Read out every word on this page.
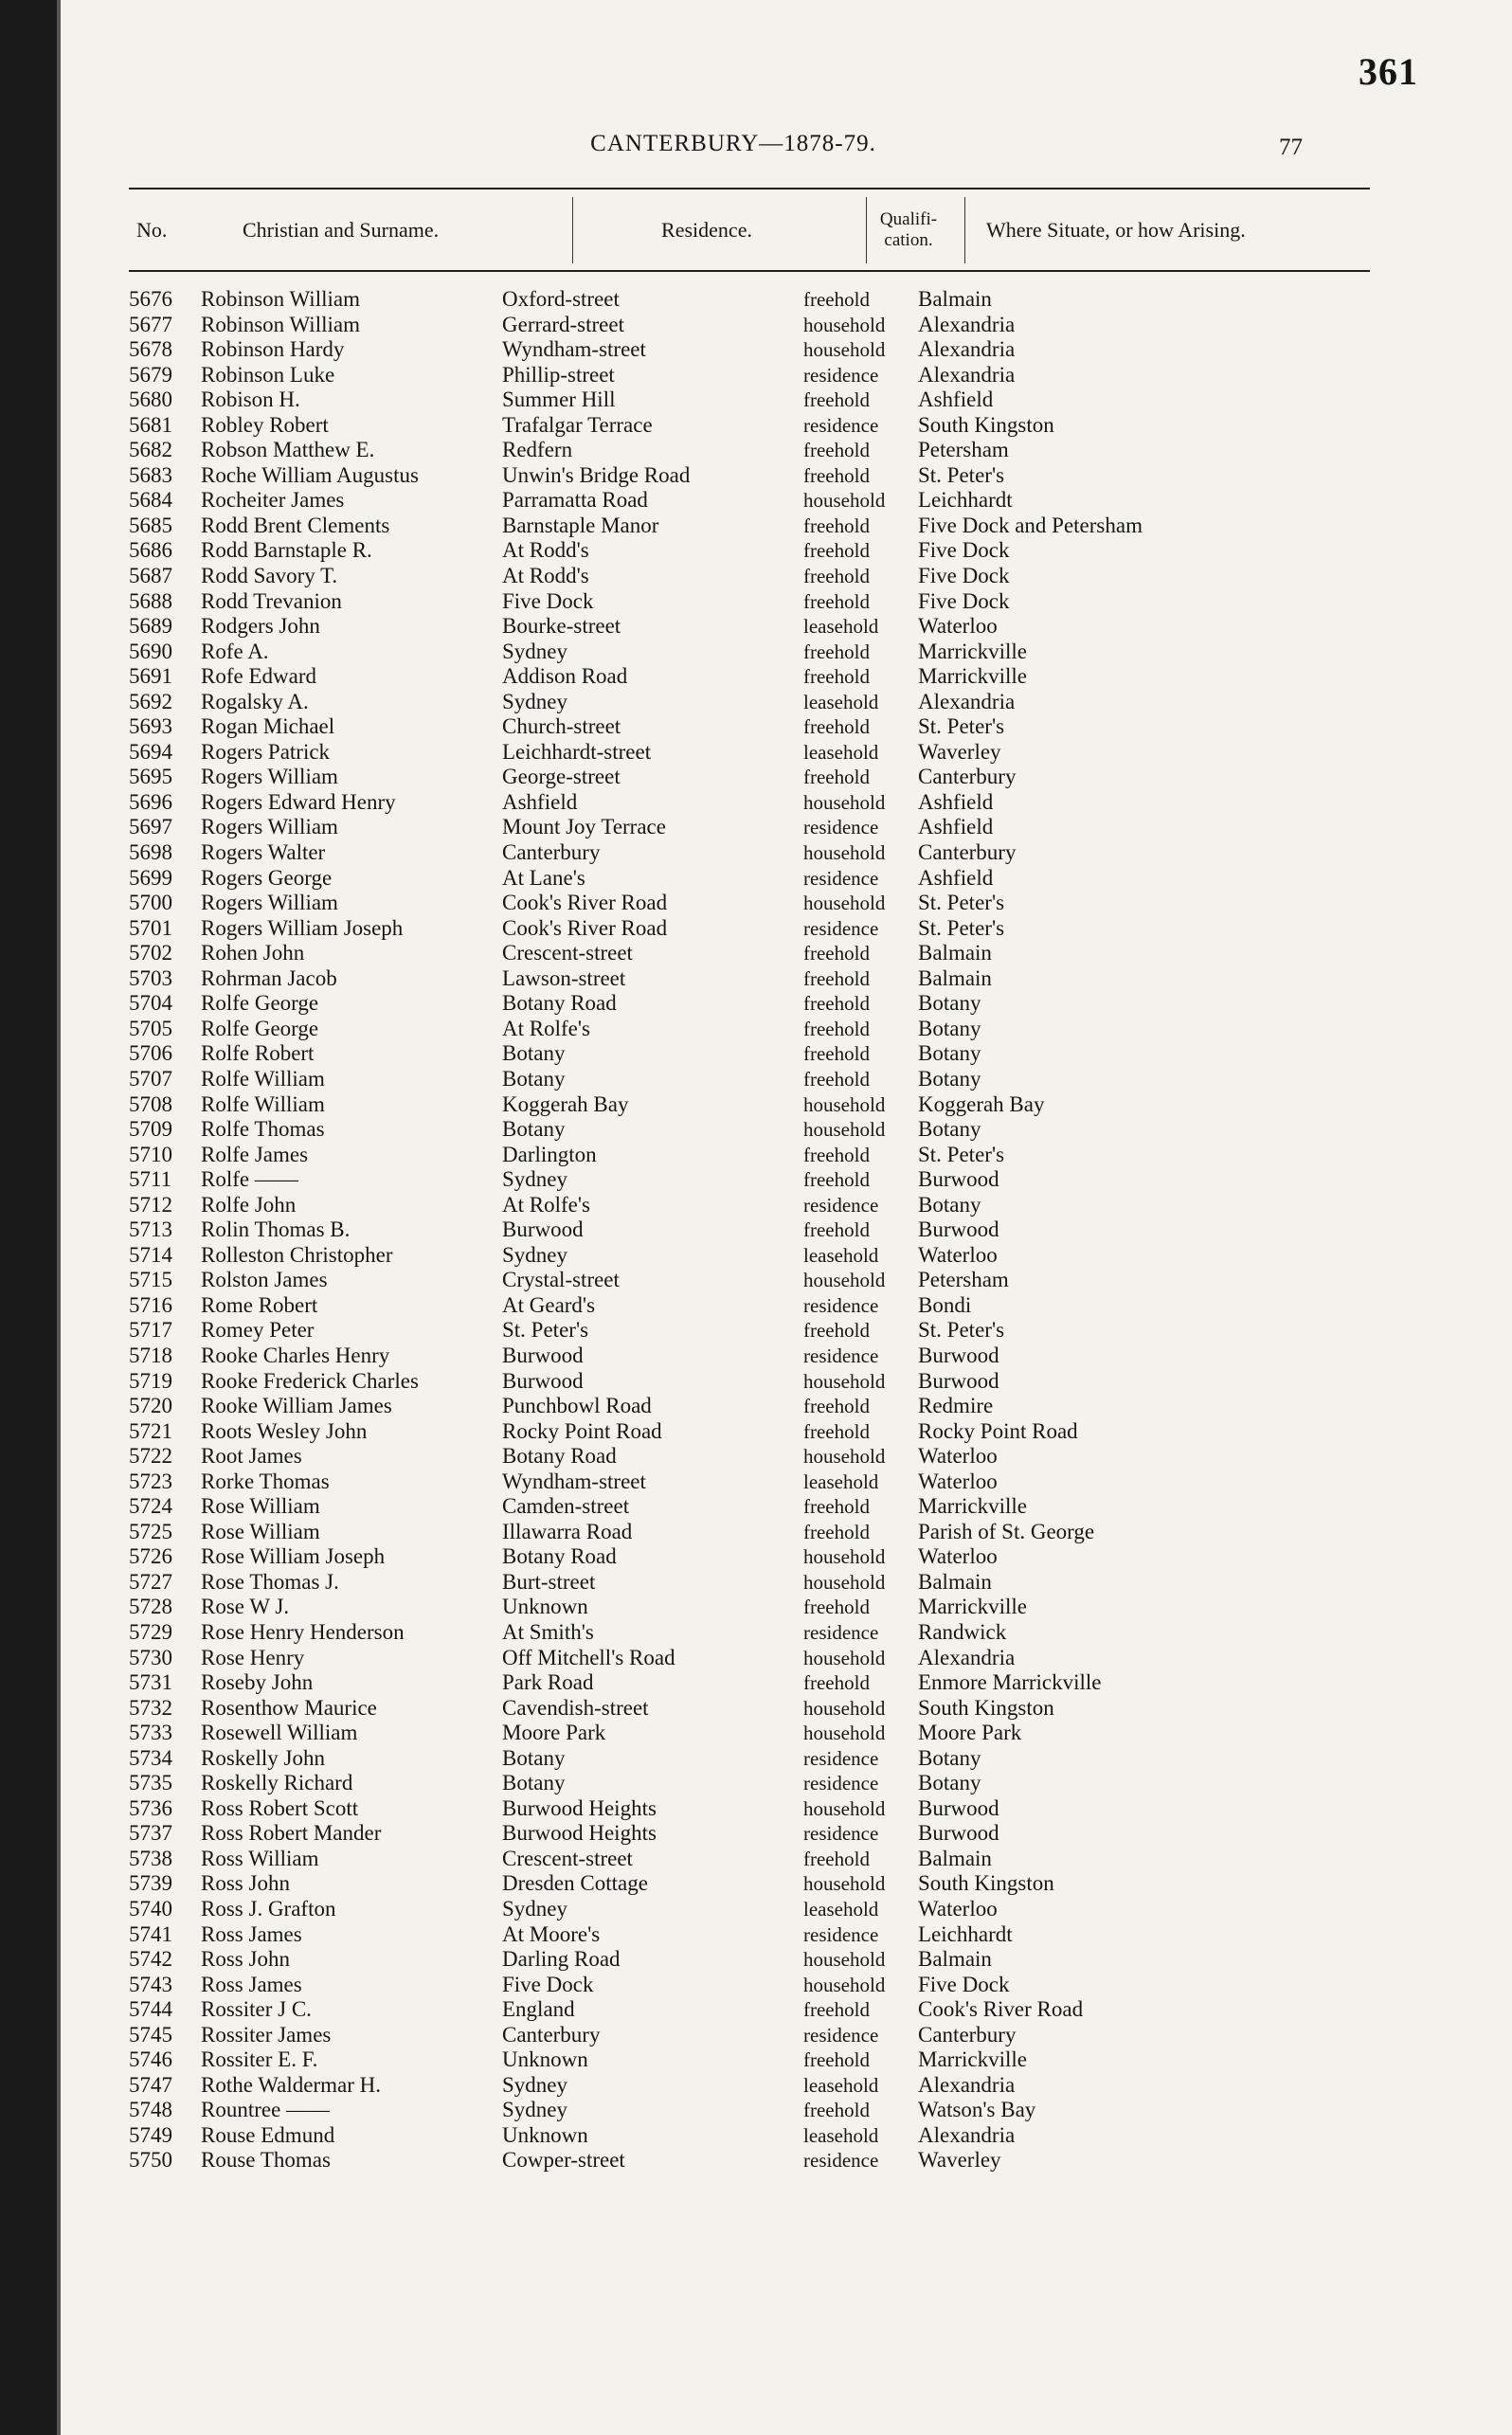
361
CANTERBURY—1878-79.	77
No.	Christian and Surname.	Residence.	Qualifi-
cation.	Where Situate, or how Arising.
5676 Robinson William	Oxford-street	freehold Balmain
5677 Robinson William	Gerrard-street	household Alexandria
5678 Robinson Hardy	Wyndham-street	household Alexandria
5679 Robinson Luke	Phillip-street	residence Alexandria
5680 Robison H.	Summer Hill	freehold Ashfield
5681 Robley Robert	Trafalgar Terrace	residence South Kingston
5682 Robson Matthew E.	Redfern	freehold Petersham
5683 Roche William Augustus	Unwin's Bridge Road	freehold St. Peter's
5684 Rocheiter James	Parramatta Road	household Leichhardt
5685 Rodd Brent Clements	Barnstaple Manor	freehold Five Dock and Petersham
5686 Rodd Barnstaple R.	At Rodd's	freehold Five Dock
5687 Rodd Savory T.	At Rodd's	freehold Five Dock
5688 Rodd Trevanion	Five Dock	freehold Five Dock
5689 Rodgers John	Bourke-street	leasehold Waterloo
5690 Rofe A.	Sydney	freehold Marrickville
5691 Rofe Edward	Addison Road	freehold Marrickville
5692 Rogalsky A.	Sydney	leasehold Alexandria
5693 Rogan Michael	Church-street	freehold St. Peter's
5694 Rogers Patrick	Leichhardt-street	leasehold Waverley
5695 Rogers William	George-street	freehold Canterbury
5696 Rogers Edward Henry	Ashfield	household Ashfield
5697 Rogers William	Mount Joy Terrace	residence Ashfield
5698 Rogers Walter	Canterbury	household Canterbury
5699 Rogers George	At Lane's	residence Ashfield
5700 Rogers William	Cook's River Road	household St. Peter's
5701 Rogers William Joseph	Cook's River Road	residence St. Peter's
5702 Rohen John	Crescent-street	freehold Balmain
5703 Rohrman Jacob	Lawson-street	freehold Balmain
5704 Rolfe George	Botany Road	freehold Botany
5705 Rolfe George	At Rolfe's	freehold Botany
5706 Rolfe Robert	Botany	freehold Botany
5707 Rolfe William	Botany	freehold Botany
5708 Rolfe William	Koggerah Bay	household Koggerah Bay
5709 Rolfe Thomas	Botany	household Botany
5710 Rolfe James	Darlington	freehold St. Peter's
5711 Rolfe ——	Sydney	freehold Burwood
5712 Rolfe John	At Rolfe's	residence Botany
5713 Rolin Thomas B.	Burwood	freehold Burwood
5714 Rolleston Christopher	Sydney	leasehold Waterloo
5715 Rolston James	Crystal-street	household Petersham
5716 Rome Robert	At Geard's	residence Bondi
5717 Romey Peter	St. Peter's	freehold St. Peter's
5718 Rooke Charles Henry	Burwood	residence Burwood
5719 Rooke Frederick Charles	Burwood	household Burwood
5720 Rooke William James	Punchbowl Road	freehold Redmire
5721 Roots Wesley John	Rocky Point Road	freehold Rocky Point Road
5722 Root James	Botany Road	household Waterloo
5723 Rorke Thomas	Wyndham-street	leasehold Waterloo
5724 Rose William	Camden-street	freehold Marrickville
5725 Rose William	Illawarra Road	freehold Parish of St. George
5726 Rose William Joseph	Botany Road	household Waterloo
5727 Rose Thomas J.	Burt-street	household Balmain
5728 Rose W J.	Unknown	freehold Marrickville
5729 Rose Henry Henderson	At Smith's	residence Randwick
5730 Rose Henry	Off Mitchell's Road	household Alexandria
5731 Roseby John	Park Road	freehold Enmore Marrickville
5732 Rosenthow Maurice	Cavendish-street	household South Kingston
5733 Rosewell William	Moore Park	household Moore Park
5734 Roskelly John	Botany	residence Botany
5735 Roskelly Richard	Botany	residence Botany
5736 Ross Robert Scott	Burwood Heights	household Burwood
5737 Ross Robert Mander	Burwood Heights	residence Burwood
5738 Ross William	Crescent-street	freehold Balmain
5739 Ross John	Dresden Cottage	household South Kingston
5740 Ross J. Grafton	Sydney	leasehold Waterloo
5741 Ross James	At Moore's	residence Leichhardt
5742 Ross John	Darling Road	household Balmain
5743 Ross James	Five Dock	household Five Dock
5744 Rossiter J C.	England	freehold Cook's River Road
5745 Rossiter James	Canterbury	residence Canterbury
5746 Rossiter E. F.	Unknown	freehold Marrickville
5747 Rothe Waldermar H.	Sydney	leasehold Alexandria
5748 Rountree ——	Sydney	freehold Watson's Bay
5749 Rouse Edmund	Unknown	leasehold Alexandria
5750 Rouse Thomas	Cowper-street	residence Waverley
